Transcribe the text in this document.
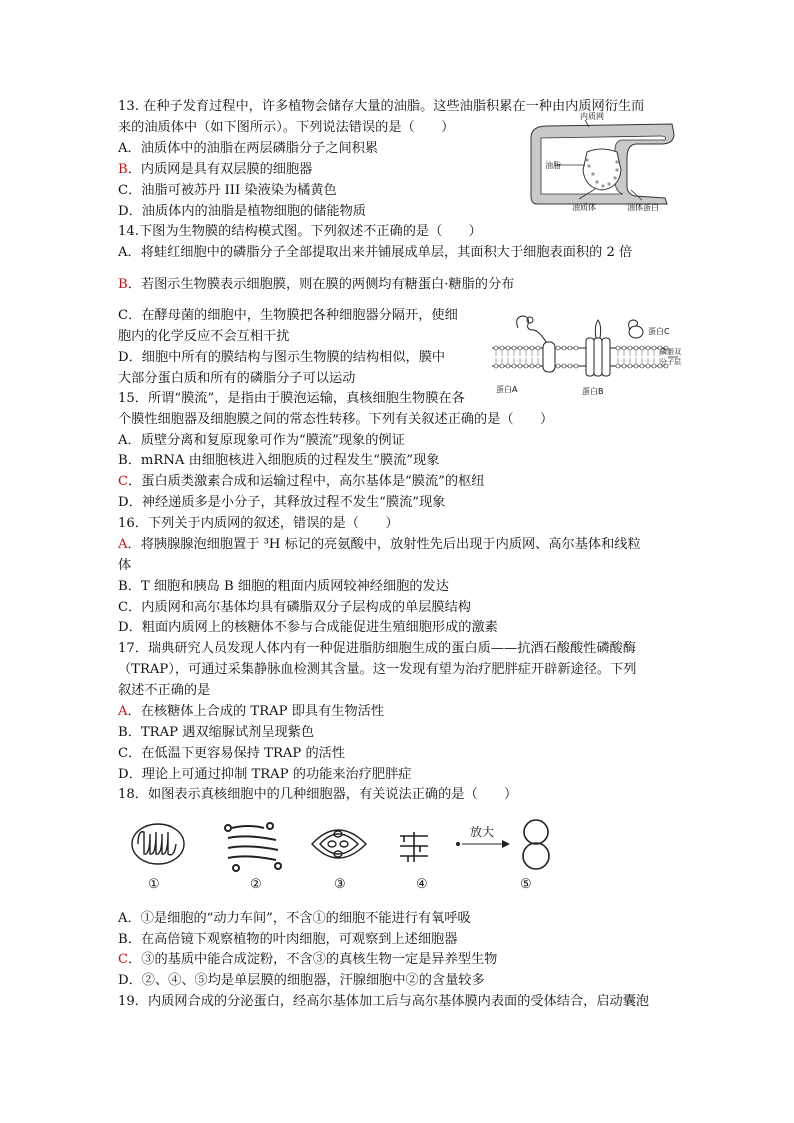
13. 在种子发育过程中，许多植物会储存大量的油脂。这些油脂积累在一种由内质网衍生而
来的油质体中（如下图所示）。下列说法错误的是（　　）
A．油质体中的油脂在两层磷脂分子之间积累
B．内质网是具有双层膜的细胞器
C．油脂可被苏丹 III 染液染为橘黄色
D．油质体内的油脂是植物细胞的储能物质
内质网
油脂
油质体	油体蛋白
14.下图为生物膜的结构模式图。下列叙述不正确的是（　　）
A．将蛙红细胞中的磷脂分子全部提取出来并铺展成单层，其面积大于细胞表面积的 2 倍
B．若图示生物膜表示细胞膜，则在膜的两侧均有糖蛋白·糖脂的分布
C．在酵母菌的细胞中，生物膜把各种细胞器分隔开，使细
胞内的化学反应不会互相干扰
D．细胞中所有的膜结构与图示生物膜的结构相似，膜中
大部分蛋白质和所有的磷脂分子可以运动
蛋白A	蛋白B
蛋白C
磷脂双
分子层
15．所谓“膜流”，是指由于膜泡运输，真核细胞生物膜在各
个膜性细胞器及细胞膜之间的常态性转移。下列有关叙述正确的是（　　）
A．质壁分离和复原现象可作为“膜流”现象的例证
B．mRNA 由细胞核进入细胞质的过程发生“膜流”现象
C．蛋白质类激素合成和运输过程中，高尔基体是“膜流”的枢纽
D．神经递质多是小分子，其释放过程不发生“膜流”现象
16．下列关于内质网的叙述，错误的是（　　）
A．将胰腺腺泡细胞置于 ³H 标记的亮氨酸中，放射性先后出现于内质网、高尔基体和线粒
体
B．T 细胞和胰岛 B 细胞的粗面内质网较神经细胞的发达
C．内质网和高尔基体均具有磷脂双分子层构成的单层膜结构
D．粗面内质网上的核糖体不参与合成能促进生殖细胞形成的激素
17．瑞典研究人员发现人体内有一种促进脂肪细胞生成的蛋白质——抗酒石酸酸性磷酸酶
（TRAP），可通过采集静脉血检测其含量。这一发现有望为治疗肥胖症开辟新途径。下列
叙述不正确的是
A．在核糖体上合成的 TRAP 即具有生物活性
B．TRAP 遇双缩脲试剂呈现紫色
C．在低温下更容易保持 TRAP 的活性
D．理论上可通过抑制 TRAP 的功能来治疗肥胖症
18．如图表示真核细胞中的几种细胞器，有关说法正确的是（　　）
放大
①	②	③	④	⑤
A．①是细胞的“动力车间”，不含①的细胞不能进行有氧呼吸
B．在高倍镜下观察植物的叶肉细胞，可观察到上述细胞器
C．③的基质中能合成淀粉，不含③的真核生物一定是异养型生物
D．②、④、⑤均是单层膜的细胞器，汗腺细胞中②的含量较多
19．内质网合成的分泌蛋白，经高尔基体加工后与高尔基体膜内表面的受体结合，启动囊泡
